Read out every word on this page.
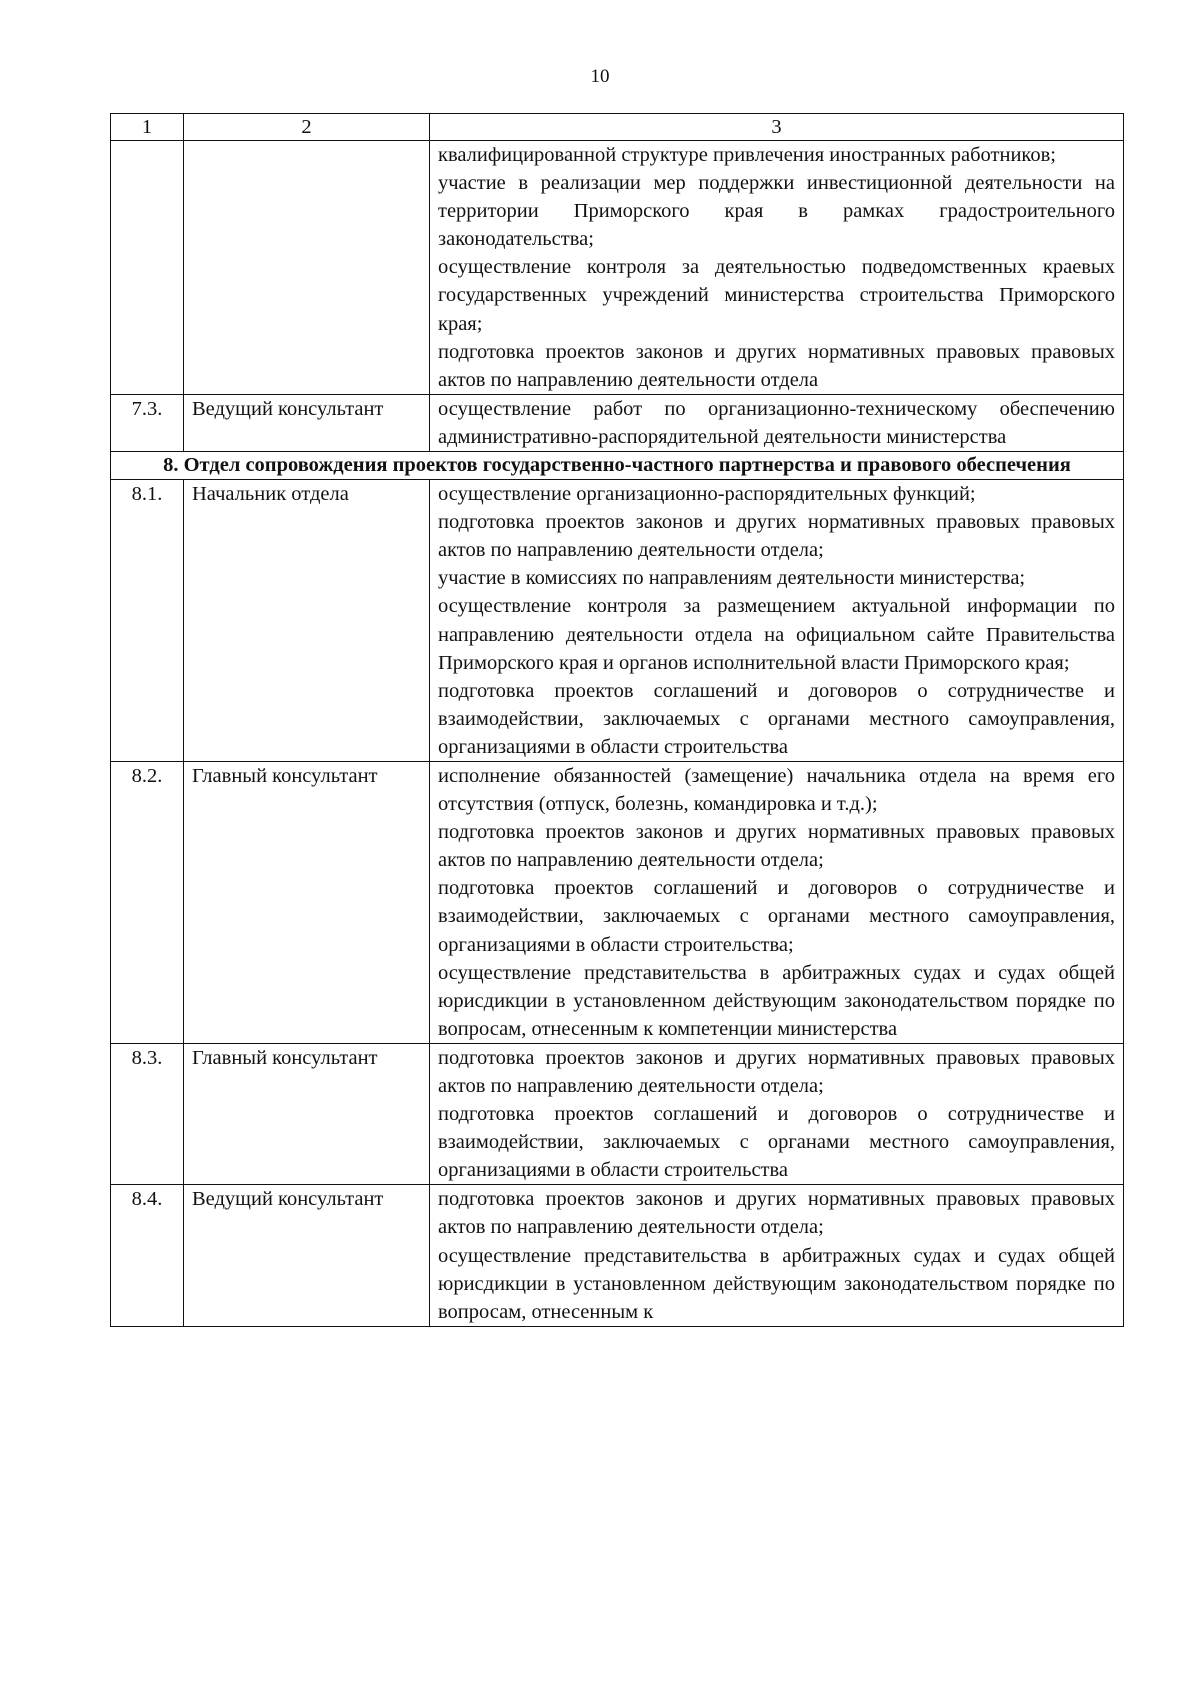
10
1	2	3

		квалифицированной структуре привлечения иностранных работников;

участие в реализации мер поддержки инвестиционной деятельности на территории Приморского края в рамках градостроительного законодательства;

осуществление контроля за деятельностью подведомственных краевых государственных учреждений министерства строительства Приморского края;

подготовка проектов законов и других нормативных правовых правовых актов по направлению деятельности отдела

7.3.	Ведущий консультант	осуществление работ по организационно-техническому обеспечению административно-распорядительной деятельности министерства

8. Отдел сопровождения проектов государственно-частного партнерства и правового обеспечения		
8.1.	Начальник отдела	осуществление организационно-распорядительных функций;

подготовка проектов законов и других нормативных правовых правовых актов по направлению деятельности отдела;

участие в комиссиях по направлениям деятельности министерства;

осуществление контроля за размещением актуальной информации по направлению деятельности отдела на официальном сайте Правительства Приморского края и органов исполнительной власти Приморского края;

подготовка проектов соглашений и договоров о сотрудничестве и взаимодействии, заключаемых с органами местного самоуправления, организациями в области строительства

8.2.	Главный консультант	исполнение обязанностей (замещение) начальника отдела на время его отсутствия (отпуск, болезнь, командировка и т.д.);

подготовка проектов законов и других нормативных правовых правовых актов по направлению деятельности отдела;

подготовка проектов соглашений и договоров о сотрудничестве и взаимодействии, заключаемых с органами местного самоуправления, организациями в области строительства;

осуществление представительства в арбитражных судах и судах общей юрисдикции в установленном действующим законодательством порядке по вопросам, отнесенным к компетенции министерства

8.3.	Главный консультант	подготовка проектов законов и других нормативных правовых правовых актов по направлению деятельности отдела;

подготовка проектов соглашений и договоров о сотрудничестве и взаимодействии, заключаемых с органами местного самоуправления, организациями в области строительства

8.4.	Ведущий консультант	подготовка проектов законов и других нормативных правовых правовых актов по направлению деятельности отдела;

осуществление представительства в арбитражных судах и судах общей юрисдикции в установленном действующим законодательством порядке по вопросам, отнесенным к
